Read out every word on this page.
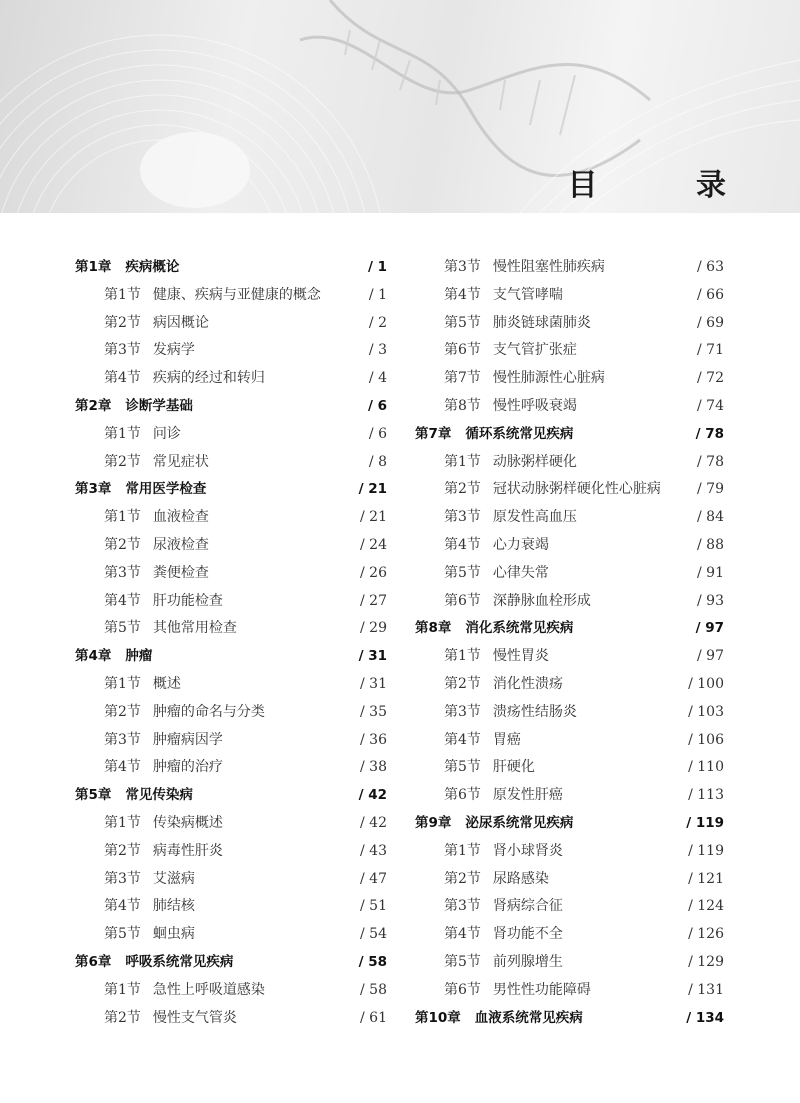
目 录
第1章 疾病概论	/ 1
第1节 健康、疾病与亚健康的概念	/ 1
第2节 病因概论	/ 2
第3节 发病学	/ 3
第4节 疾病的经过和转归	/ 4
第2章 诊断学基础	/ 6
第1节 问诊	/ 6
第2节 常见症状	/ 8
第3章 常用医学检查	/ 21
第1节 血液检查	/ 21
第2节 尿液检查	/ 24
第3节 粪便检查	/ 26
第4节 肝功能检查	/ 27
第5节 其他常用检查	/ 29
第4章 肿瘤	/ 31
第1节 概述	/ 31
第2节 肿瘤的命名与分类	/ 35
第3节 肿瘤病因学	/ 36
第4节 肿瘤的治疗	/ 38
第5章 常见传染病	/ 42
第1节 传染病概述	/ 42
第2节 病毒性肝炎	/ 43
第3节 艾滋病	/ 47
第4节 肺结核	/ 51
第5节 蛔虫病	/ 54
第6章 呼吸系统常见疾病	/ 58
第1节 急性上呼吸道感染	/ 58
第2节 慢性支气管炎	/ 61
第3节 慢性阻塞性肺疾病	/ 63
第4节 支气管哮喘	/ 66
第5节 肺炎链球菌肺炎	/ 69
第6节 支气管扩张症	/ 71
第7节 慢性肺源性心脏病	/ 72
第8节 慢性呼吸衰竭	/ 74
第7章 循环系统常见疾病	/ 78
第1节 动脉粥样硬化	/ 78
第2节 冠状动脉粥样硬化性心脏病	/ 79
第3节 原发性高血压	/ 84
第4节 心力衰竭	/ 88
第5节 心律失常	/ 91
第6节 深静脉血栓形成	/ 93
第8章 消化系统常见疾病	/ 97
第1节 慢性胃炎	/ 97
第2节 消化性溃疡	/ 100
第3节 溃疡性结肠炎	/ 103
第4节 胃癌	/ 106
第5节 肝硬化	/ 110
第6节 原发性肝癌	/ 113
第9章 泌尿系统常见疾病	/ 119
第1节 肾小球肾炎	/ 119
第2节 尿路感染	/ 121
第3节 肾病综合征	/ 124
第4节 肾功能不全	/ 126
第5节 前列腺增生	/ 129
第6节 男性性功能障碍	/ 131
第10章 血液系统常见疾病	/ 134
